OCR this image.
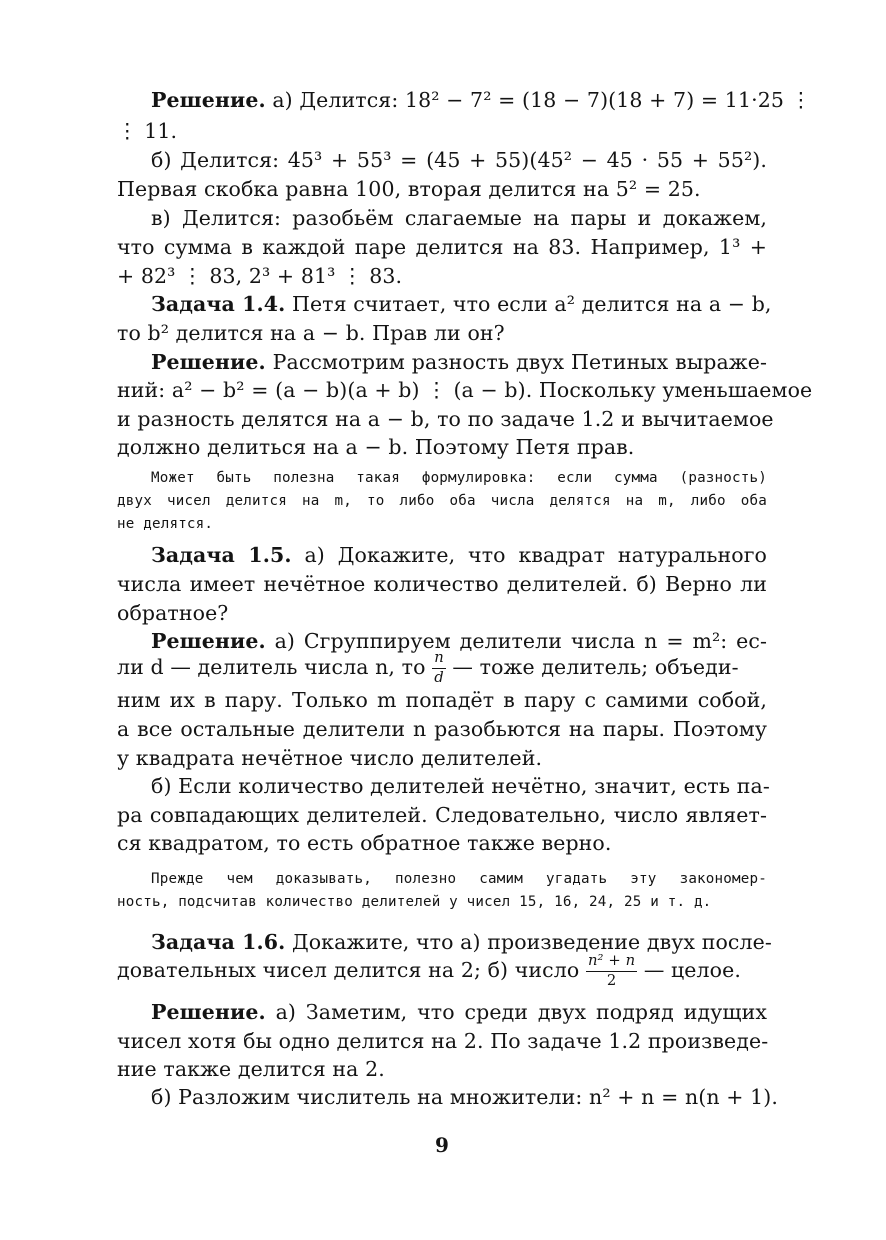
Решение. а) Делится: 18² − 7² = (18 − 7)(18 + 7) = 11·25 ⋮
⋮ 11.
б) Делится: 45³ + 55³ = (45 + 55)(45² − 45 · 55 + 55²).
Первая скобка равна 100, вторая делится на 5² = 25.
в) Делится: разобьём слагаемые на пары и докажем,
что сумма в каждой паре делится на 83. Например, 1³ +
+ 82³ ⋮ 83, 2³ + 81³ ⋮ 83.
Задача 1.4. Петя считает, что если a² делится на a − b,
то b² делится на a − b. Прав ли он?
Решение. Рассмотрим разность двух Петиных выраже-
ний: a² − b² = (a − b)(a + b) ⋮ (a − b). Поскольку уменьшаемое
и разность делятся на a − b, то по задаче 1.2 и вычитаемое
должно делиться на a − b. Поэтому Петя прав.
Может быть полезна такая формулировка: если сумма (разность)
двух чисел делится на m, то либо оба числа делятся на m, либо оба
не делятся.
Задача 1.5. а) Докажите, что квадрат натурального
числа имеет нечётное количество делителей. б) Верно ли
обратное?
Решение. а) Сгруппируем делители числа n = m²: ес-
ли d — делитель числа n, то $\frac{n}{d}$ — тоже делитель; объеди-
ним их в пару. Только m попадёт в пару с самими собой,
а все остальные делители n разобьются на пары. Поэтому
у квадрата нечётное число делителей.
б) Если количество делителей нечётно, значит, есть па-
ра совпадающих делителей. Следовательно, число являет-
ся квадратом, то есть обратное также верно.
Прежде чем доказывать, полезно самим угадать эту закономер-
ность, подсчитав количество делителей у чисел 15, 16, 24, 25 и т. д.
Задача 1.6. Докажите, что а) произведение двух после-
довательных чисел делится на 2; б) число $\frac{\text{n² + n}}{2}$ — целое.
Решение. а) Заметим, что среди двух подряд идущих
чисел хотя бы одно делится на 2. По задаче 1.2 произведе-
ние также делится на 2.
б) Разложим числитель на множители: n² + n = n(n + 1).
9
